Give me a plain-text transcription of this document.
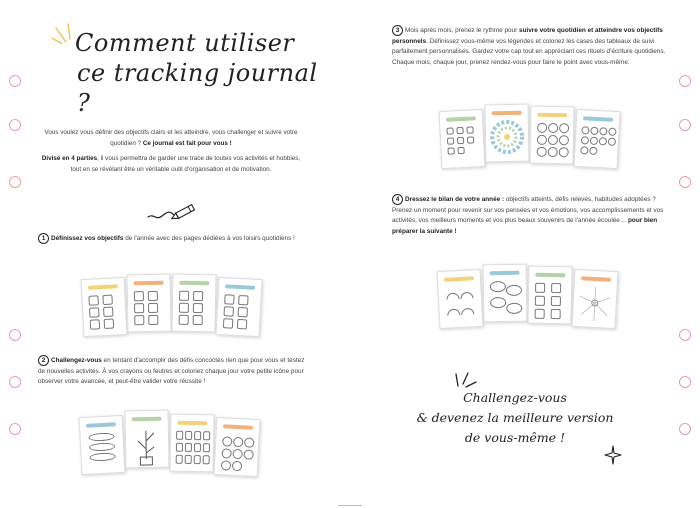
Comment utiliser
ce tracking journal ?

Vous voulez vous définir des objectifs clairs et les atteindre, vous challenger et suivre votre quotidien ? Ce journal est fait pour vous !

Divisé en 4 parties, il vous permettra de garder une trace de toutes vos activités et hobbies, tout en se révélant être un véritable outil d'organisation et de motivation.

1 Définissez vos objectifs de l'année avec des pages dédiées à vos loisirs quotidiens !
2 Challengez-vous en tentant d'accomplir des défis concoctés rien que pour vous et testez de nouvelles activités. À vos crayons ou feutres et coloriez chaque jour votre petite icône pour observer votre avancée, et peut-être valider votre réussite !
3 Mois après mois, prenez le rythme pour suivre votre quotidien et atteindre vos objectifs personnels. Définissez vous-même vos légendes et coloriez les cases des tableaux de suivi parfaitement personnalisés. Gardez votre cap tout en appréciant ces rituels d'écriture quotidiens. Chaque mois, chaque jour, prenez rendez-vous pour faire le point avec vous-même.
4 Dressez le bilan de votre année : objectifs atteints, défis relevés, habitudes adoptées ? Prenez un moment pour revenir sur vos pensées et vos émotions, vos accomplissements et vos activités, vos meilleurs moments et vos plus beaux souvenirs de l'année écoulée… pour bien préparer la suivante !
Challengez-vous
& devenez la meilleure version
de vous-même !
